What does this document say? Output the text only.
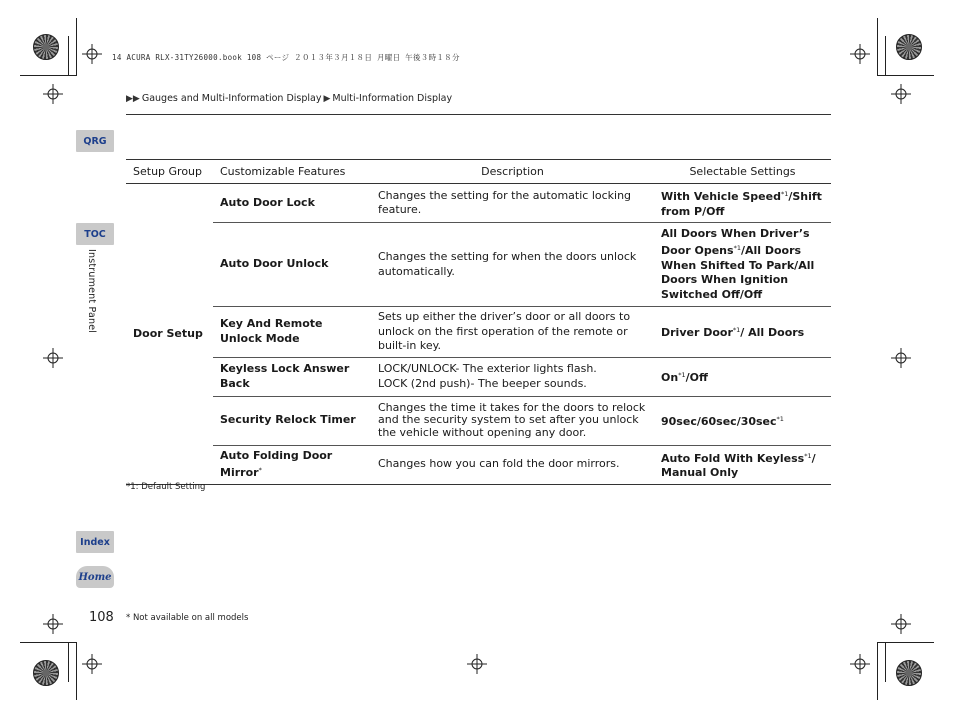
14 ACURA RLX-31TY26000.book 108 ページ ２０１３年３月１８日 月曜日 午後３時１８分
▶▶ Gauges and Multi-Information Display ▶ Multi-Information Display
QRG
TOC
Instrument Panel
Index
Home
Setup Group	Customizable Features	Description	Selectable Settings
Door Setup	Auto Door Lock	Changes the setting for the automatic locking feature.	With Vehicle Speed$^{*1}$/Shift from P/Off
	Auto Door Unlock	Changes the setting for when the doors unlock automatically.	All Doors When Driver’s Door Opens$^{*1}$/All Doors When Shifted To Park/All Doors When Ignition Switched Off/Off
	Key And Remote Unlock Mode	Sets up either the driver’s door or all doors to unlock on the first operation of the remote or built-in key.	Driver Door$^{*1}$/ All Doors
	Keyless Lock Answer Back	LOCK/UNLOCK- The exterior lights flash.
LOCK (2nd push)- The beeper sounds.	On$^{*1}$/Off
	Security Relock Timer	Changes the time it takes for the doors to relock and the security system to set after you unlock the vehicle without opening any door.	90sec/60sec/30sec$^{*1}$
	Auto Folding Door Mirror*	Changes how you can fold the door mirrors.	Auto Fold With Keyless$^{*1}$/ Manual Only
*1: Default Setting
108 * Not available on all models
